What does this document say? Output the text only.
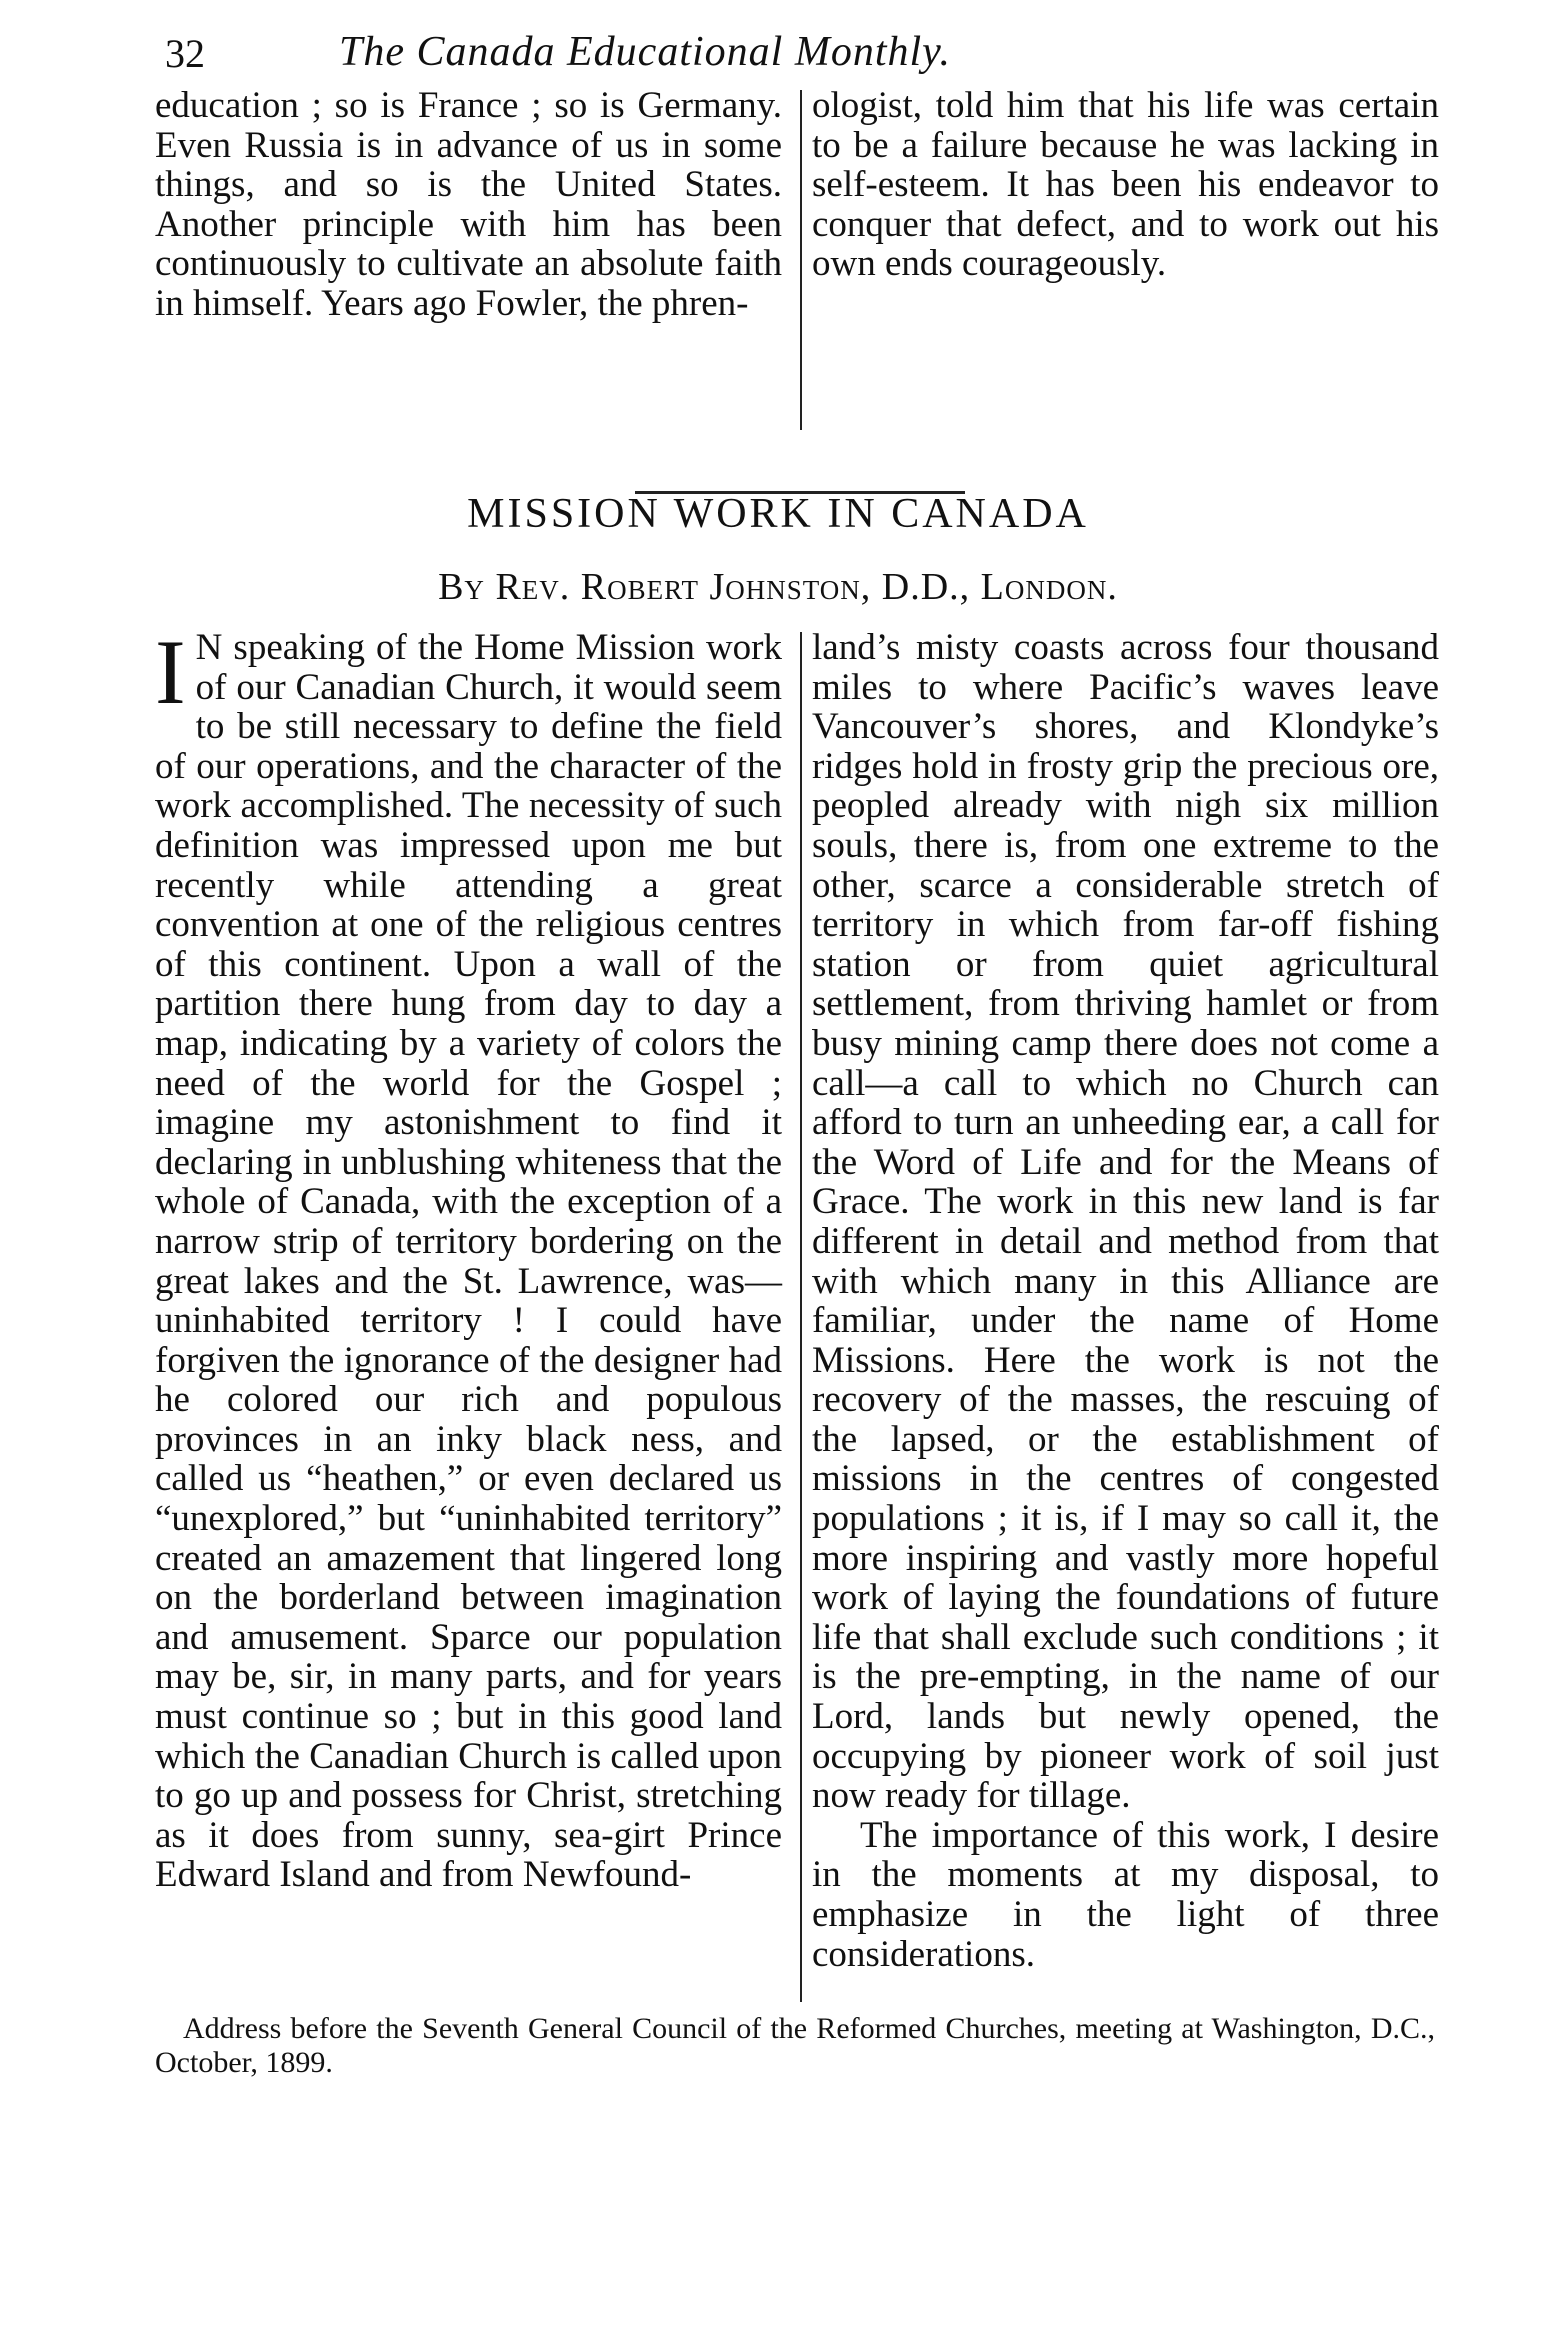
32	The Canada Educational Monthly.

education ; so is France ; so is Germany. Even Russia is in advance of us in some things, and so is the United States. Another principle with him has been continuously to cultivate an absolute faith in himself. Years ago Fowler, the phren-

ologist, told him that his life was certain to be a failure because he was lacking in self-esteem. It has been his endeavor to conquer that defect, and to work out his own ends courageously.

MISSION WORK IN CANADA
By Rev. Robert Johnston, D.D., London.

I N speaking of the Home Mission work of our Canadian Church, it would seem to be still necessary to define the field of our operations, and the character of the work accomplished. The necessity of such definition was impressed upon me but recently while attending a great convention at one of the religious centres of this continent. Upon a wall of the partition there hung from day to day a map, indicating by a variety of colors the need of the world for the Gospel ; imagine my astonishment to find it declaring in unblushing whiteness that the whole of Canada, with the exception of a narrow strip of territory bordering on the great lakes and the St. Lawrence, was—uninhabited territory ! I could have forgiven the ignorance of the designer had he colored our rich and populous provinces in an inky black ness, and called us “heathen,” or even declared us “unexplored,” but “uninhabited territory” created an amazement that lingered long on the borderland between imagination and amusement. Sparce our population may be, sir, in many parts, and for years must continue so ; but in this good land which the Canadian Church is called upon to go up and possess for Christ, stretching as it does from sunny, sea-girt Prince Edward Island and from Newfound-

land’s misty coasts across four thousand miles to where Pacific’s waves leave Vancouver’s shores, and Klondyke’s ridges hold in frosty grip the precious ore, peopled already with nigh six million souls, there is, from one extreme to the other, scarce a considerable stretch of territory in which from far-off fishing station or from quiet agricultural settlement, from thriving hamlet or from busy mining camp there does not come a call—a call to which no Church can afford to turn an unheeding ear, a call for the Word of Life and for the Means of Grace. The work in this new land is far different in detail and method from that with which many in this Alliance are familiar, under the name of Home Missions. Here the work is not the recovery of the masses, the rescuing of the lapsed, or the establishment of missions in the centres of congested populations ; it is, if I may so call it, the more inspiring and vastly more hopeful work of laying the foundations of future life that shall exclude such conditions ; it is the pre-empting, in the name of our Lord, lands but newly opened, the occupying by pioneer work of soil just now ready for tillage.

The importance of this work, I desire in the moments at my disposal, to emphasize in the light of three considerations.

Address before the Seventh General Council of the Reformed Churches, meeting at Washington, D.C., October, 1899.
